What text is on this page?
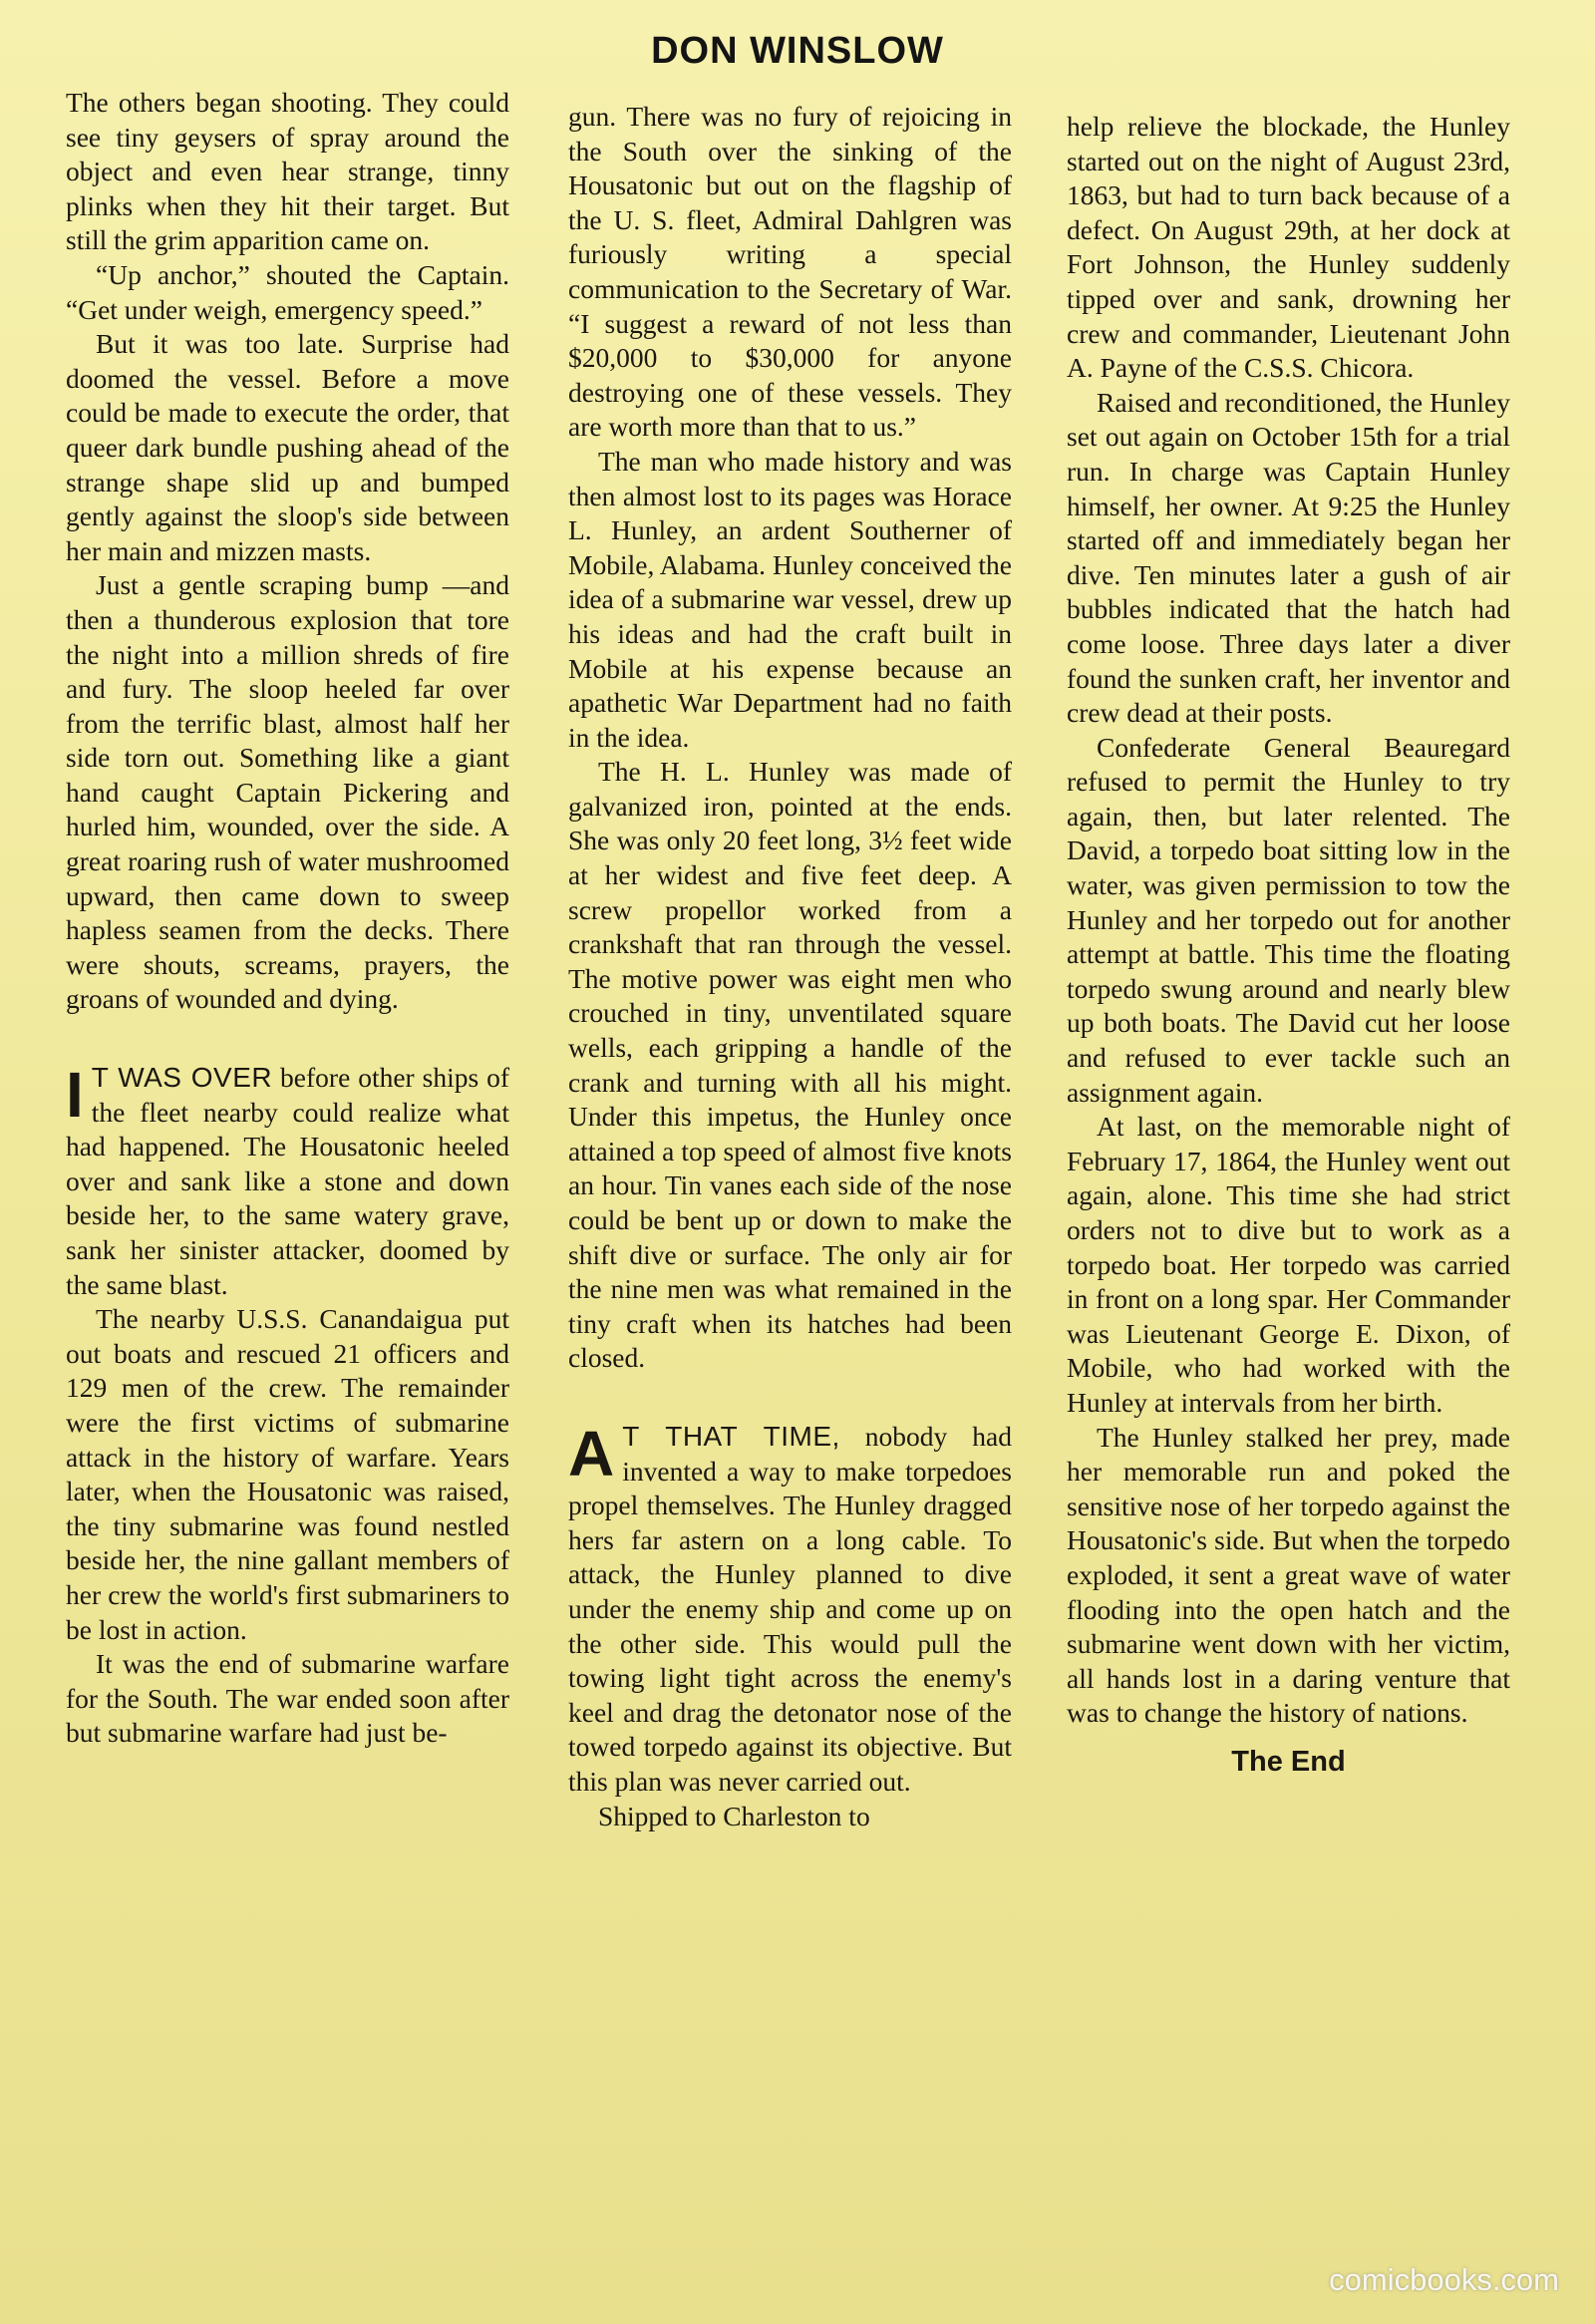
DON WINSLOW

The others began shooting. They could see tiny geysers of spray around the object and even hear strange, tinny plinks when they hit their target. But still the grim apparition came on.

“Up anchor,” shouted the Captain. “Get under weigh, emergency speed.”

But it was too late. Surprise had doomed the vessel. Before a move could be made to execute the order, that queer dark bundle pushing ahead of the strange shape slid up and bumped gently against the sloop's side between her main and mizzen masts.

Just a gentle scraping bump —and then a thunderous explosion that tore the night into a million shreds of fire and fury. The sloop heeled far over from the terrific blast, almost half her side torn out. Something like a giant hand caught Captain Pickering and hurled him, wounded, over the side. A great roaring rush of water mushroomed upward, then came down to sweep hapless seamen from the decks. There were shouts, screams, prayers, the groans of wounded and dying.

I T WAS OVER before other ships of the fleet nearby could realize what had happened. The Housatonic heeled over and sank like a stone and down beside her, to the same watery grave, sank her sinister attacker, doomed by the same blast.

The nearby U.S.S. Canandaigua put out boats and rescued 21 officers and 129 men of the crew. The remainder were the first victims of submarine attack in the history of warfare. Years later, when the Housatonic was raised, the tiny submarine was found nestled beside her, the nine gallant members of her crew the world's first submariners to be lost in action.

It was the end of submarine warfare for the South. The war ended soon after but submarine warfare had just be-

gun. There was no fury of rejoicing in the South over the sinking of the Housatonic but out on the flagship of the U. S. fleet, Admiral Dahlgren was furiously writing a special communication to the Secretary of War. “I suggest a reward of not less than $20,000 to $30,000 for anyone destroying one of these vessels. They are worth more than that to us.”

The man who made history and was then almost lost to its pages was Horace L. Hunley, an ardent Southerner of Mobile, Alabama. Hunley conceived the idea of a submarine war vessel, drew up his ideas and had the craft built in Mobile at his expense because an apathetic War Department had no faith in the idea.

The H. L. Hunley was made of galvanized iron, pointed at the ends. She was only 20 feet long, 3½ feet wide at her widest and five feet deep. A screw propellor worked from a crankshaft that ran through the vessel. The motive power was eight men who crouched in tiny, unventilated square wells, each gripping a handle of the crank and turning with all his might. Under this impetus, the Hunley once attained a top speed of almost five knots an hour. Tin vanes each side of the nose could be bent up or down to make the shift dive or surface. The only air for the nine men was what remained in the tiny craft when its hatches had been closed.

A T THAT TIME, nobody had invented a way to make torpedoes propel themselves. The Hunley dragged hers far astern on a long cable. To attack, the Hunley planned to dive under the enemy ship and come up on the other side. This would pull the towing light tight across the enemy's keel and drag the detonator nose of the towed torpedo against its objective. But this plan was never carried out.

Shipped to Charleston to

help relieve the blockade, the Hunley started out on the night of August 23rd, 1863, but had to turn back because of a defect. On August 29th, at her dock at Fort Johnson, the Hunley suddenly tipped over and sank, drowning her crew and commander, Lieutenant John A. Payne of the C.S.S. Chicora.

Raised and reconditioned, the Hunley set out again on October 15th for a trial run. In charge was Captain Hunley himself, her owner. At 9:25 the Hunley started off and immediately began her dive. Ten minutes later a gush of air bubbles indicated that the hatch had come loose. Three days later a diver found the sunken craft, her inventor and crew dead at their posts.

Confederate General Beauregard refused to permit the Hunley to try again, then, but later relented. The David, a torpedo boat sitting low in the water, was given permission to tow the Hunley and her torpedo out for another attempt at battle. This time the floating torpedo swung around and nearly blew up both boats. The David cut her loose and refused to ever tackle such an assignment again.

At last, on the memorable night of February 17, 1864, the Hunley went out again, alone. This time she had strict orders not to dive but to work as a torpedo boat. Her torpedo was carried in front on a long spar. Her Commander was Lieutenant George E. Dixon, of Mobile, who had worked with the Hunley at intervals from her birth.

The Hunley stalked her prey, made her memorable run and poked the sensitive nose of her torpedo against the Housatonic's side. But when the torpedo exploded, it sent a great wave of water flooding into the open hatch and the submarine went down with her victim, all hands lost in a daring venture that was to change the history of nations.

The End
comicbooks.com
